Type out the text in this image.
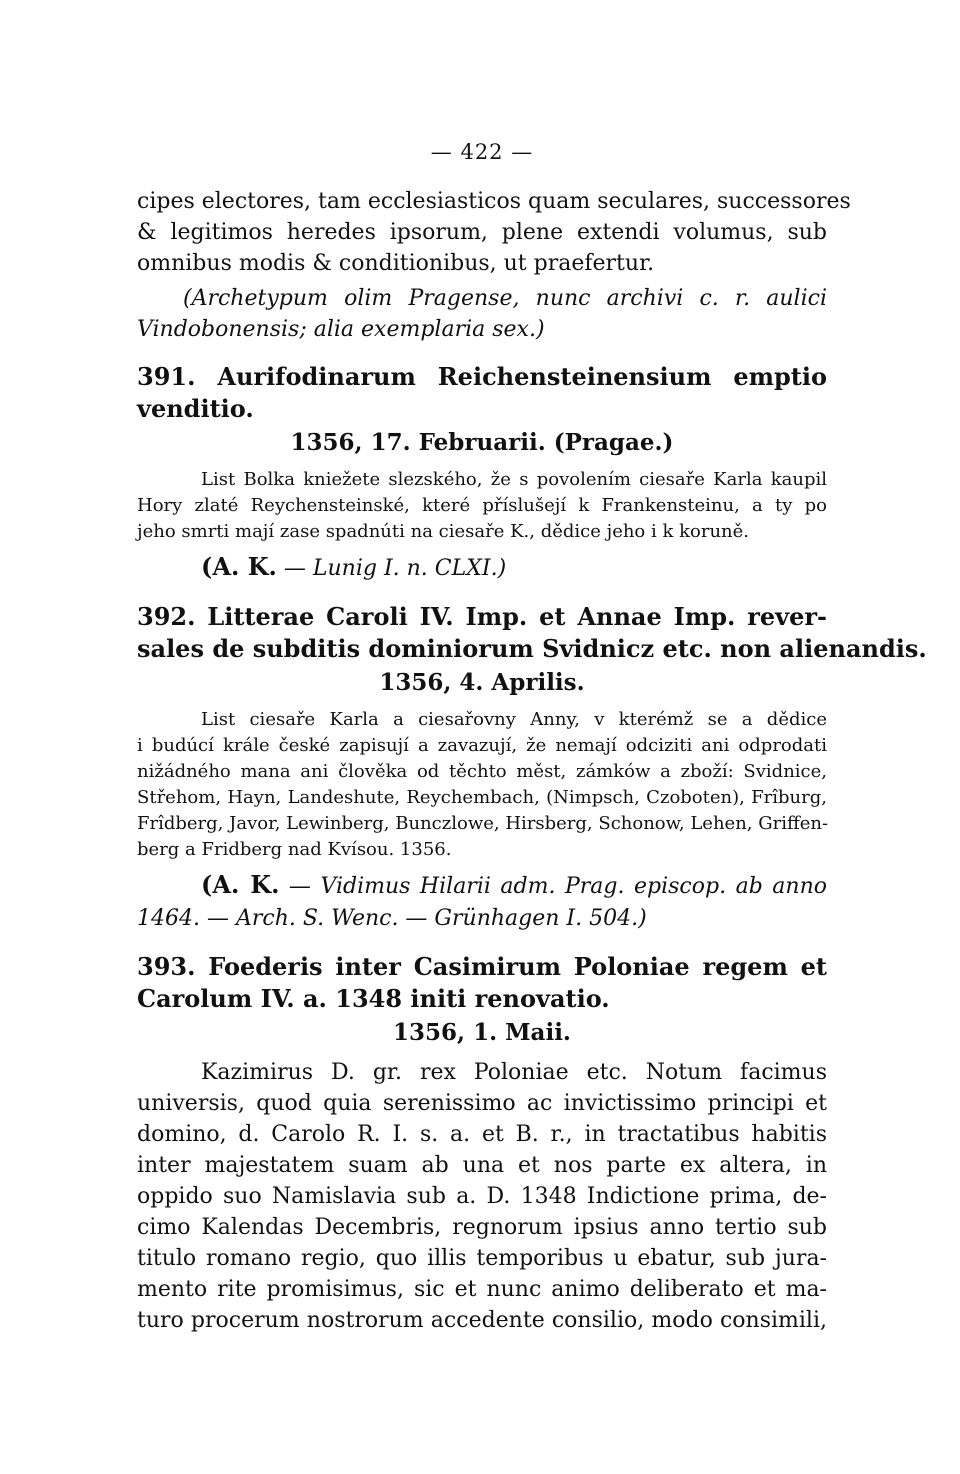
— 422 —
cipes electores, tam ecclesiasticos quam seculares, successores
& legitimos heredes ipsorum, plene extendi volumus, sub
omnibus modis & conditionibus, ut praefertur.
(Archetypum olim Pragense, nunc archivi c. r. aulici
Vindobonensis; alia exemplaria sex.)
391. Aurifodinarum Reichensteinensium emptio
venditio.
1356, 17. Februarii. (Pragae.)
List Bolka kniežete slezského, že s povolením ciesaře Karla kaupil
Hory zlaté Reychensteinské, které příslušejí k Frankensteinu, a ty po
jeho smrti mají zase spadnúti na ciesaře K., dědice jeho i k koruně.
(A. K. — Lunig I. n. CLXI.)
392. Litterae Caroli IV. Imp. et Annae Imp. rever-
sales de subditis dominiorum Svidnicz etc. non alienandis.
1356, 4. Aprilis.
List ciesaře Karla a ciesařovny Anny, v kterémž se a dědice
i budúcí krále české zapisují a zavazují, že nemají odciziti ani odprodati
nižádného mana ani člověka od těchto měst, zámków a zboží: Svidnice,
Střehom, Hayn, Landeshute, Reychembach, (Nimpsch, Czoboten), Frîburg,
Frîdberg, Javor, Lewinberg, Bunczlowe, Hirsberg, Schonow, Lehen, Griffen-
berg a Fridberg nad Kvísou. 1356.
(A. K. — Vidimus Hilarii adm. Prag. episcop. ab anno
1464. — Arch. S. Wenc. — Grünhagen I. 504.)
393. Foederis inter Casimirum Poloniae regem et
Carolum IV. a. 1348 initi renovatio.
1356, 1. Maii.
Kazimirus D. gr. rex Poloniae etc. Notum facimus
universis, quod quia serenissimo ac invictissimo principi et
domino, d. Carolo R. I. s. a. et B. r., in tractatibus habitis
inter majestatem suam ab una et nos parte ex altera, in
oppido suo Namislavia sub a. D. 1348 Indictione prima, de-
cimo Kalendas Decembris, regnorum ipsius anno tertio sub
titulo romano regio, quo illis temporibus u ebatur, sub jura-
mento rite promisimus, sic et nunc animo deliberato et ma-
turo procerum nostrorum accedente consilio, modo consimili,
